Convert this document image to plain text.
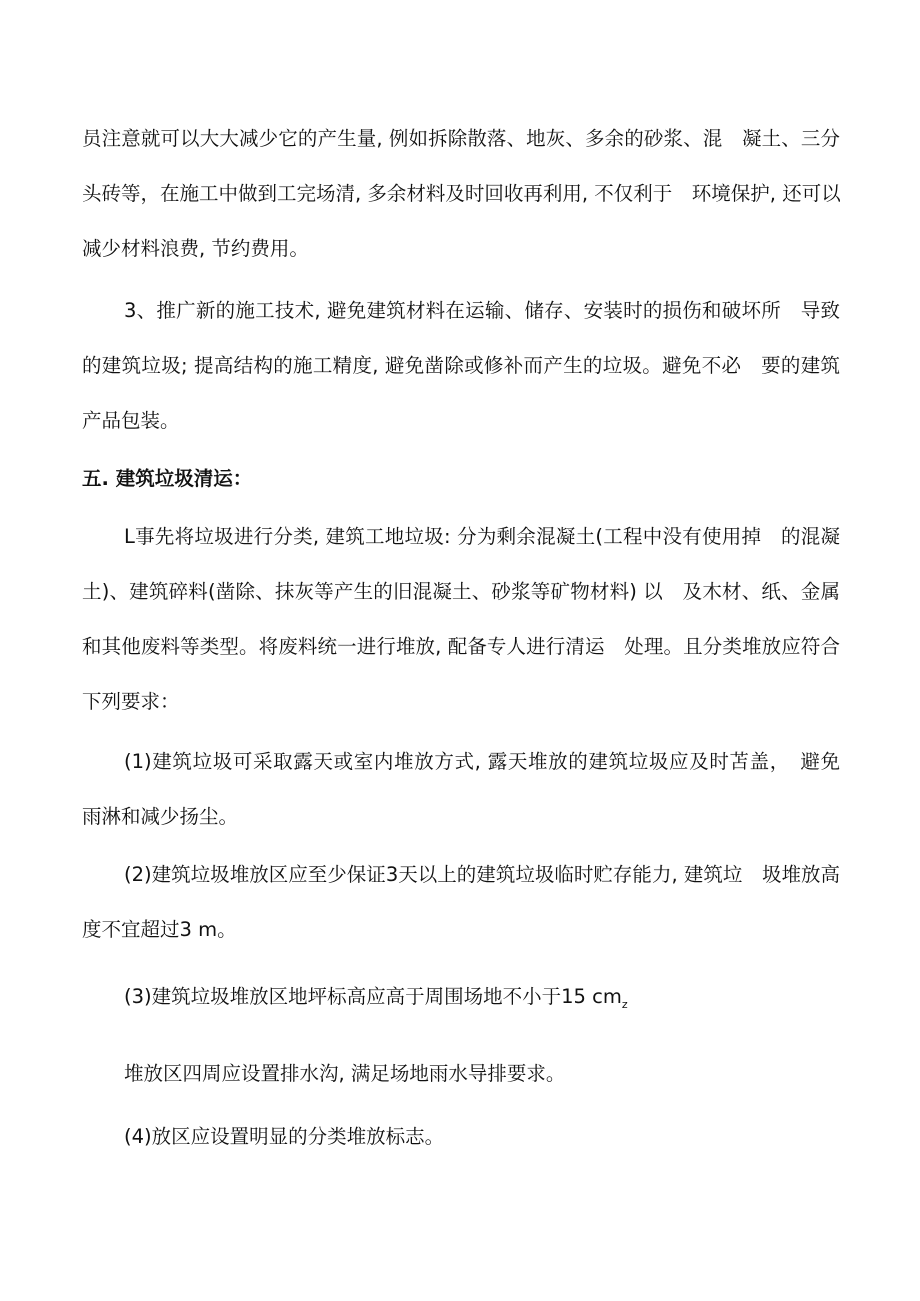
员注意就可以大大减少它的产生量, 例如拆除散落、地灰、多余的砂浆、混　凝土、三分
头砖等，在施工中做到工完场清, 多余材料及时回收再利用, 不仅利于　环境保护, 还可以
减少材料浪费, 节约费用。
3、推广新的施工技术, 避免建筑材料在运输、储存、安装时的损伤和破坏所　导致
的建筑垃圾; 提高结构的施工精度, 避免凿除或修补而产生的垃圾。避免不必　要的建筑
产品包装。
五. 建筑垃圾清运：
L事先将垃圾进行分类, 建筑工地垃圾: 分为剩余混凝土(工程中没有使用掉　的混凝
土)、建筑碎料(凿除、抹灰等产生的旧混凝土、砂浆等矿物材料) 以　及木材、纸、金属
和其他废料等类型。将废料统一进行堆放, 配备专人进行清运　处理。且分类堆放应符合
下列要求：
(1)建筑垃圾可采取露天或室内堆放方式, 露天堆放的建筑垃圾应及时苫盖，　避免
雨淋和减少扬尘。
(2)建筑垃圾堆放区应至少保证3天以上的建筑垃圾临时贮存能力, 建筑垃　圾堆放高
度不宜超过3 m。
(3)建筑垃圾堆放区地坪标高应高于周围场地不小于15 $cm_z$
堆放区四周应设置排水沟, 满足场地雨水导排要求。
(4)放区应设置明显的分类堆放标志。
